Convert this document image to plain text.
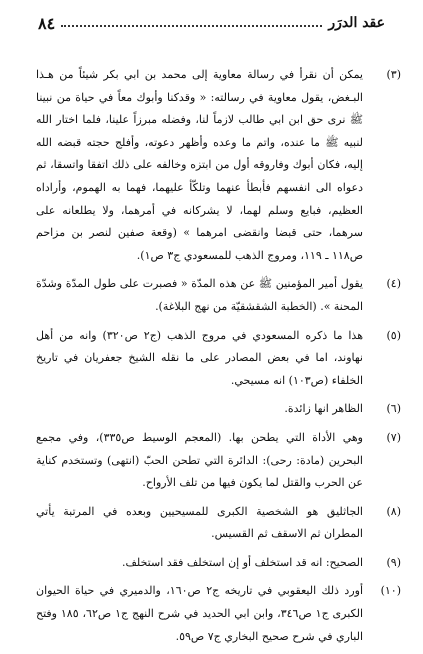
عقد الدرَر
٨٤
(٣)
يمكن أن نقرأ في رسالة معاوية إلى محمد بن ابي بكر شيئاً من هـذا البـغض، يقول معاوية في رسالته: « وقدكنا وأبوك معاً في حياة من نبينا ﷺ نرى حق ابن ابي طالب لازماً لنا، وفضله مبرزاً علينا، فلما اختار الله لنبيه ﷺ ما عنده، واتم ما وعده وأظهر دعوته، وأفلج حجته قبضه الله إليه، فكان أبوك وفاروقه أول من ابتزه وخالفه على ذلك اتفقا واتسقا، ثم دعواه الى انفسهم فأبطأ عنهما وتلكّأ عليهما، فهما به الهموم، وأراداه العظيم، فبايع وسلم لهما، لا يشركانه في أمرهما، ولا يطلعانه على سرهما، حتى قبضا وانقضى امرهما » (وقعة صفين لنصر بن مزاحم ص١١٨ ـ ١١٩، ومروج الذهب للمسعودي ج٣ ص١).
(٤)
يقول أمير المؤمنين ﷺ عن هذه المدّة « فصبرت على طول المدّة وشدّة المحنة ». (الخطبة الشقشقيّة من نهج البلاغة).
(٥)
هذا ما ذكره المسعودي في مروج الذهب (ج٢ ص٣٢٠) وانه من أهل نهاوند، اما في بعض المصادر على ما نقله الشيخ جعفريان في تاريخ الخلفاء (ص١٠٣) انه مسيحي.
(٦)
الظاهر انها زائدة.
(٧)
وهي الأداة التي يطحن بها. (المعجم الوسيط ص٣٣٥)، وفي مجمع البحرين (مادة: رحى): الدائرة التي تطحن الحبّ (انتهى) وتستخدم كناية عن الحرب والقتل لما يكون فيها من تلف الأرواح.
(٨)
الجاثليق هو الشخصية الكبرى للمسيحيين وبعده في المرتبة يأتي المطران ثم الاسقف ثم القسيس.
(٩)
الصحيح: انه قد استخلف أو إن استخلف فقد استخلف.
(١٠)
أورد ذلك اليعقوبي في تاريخه ج٢ ص١٦٠، والدميري في حياة الحيوان الكبرى ج١ ص٣٤٦، وابن ابي الحديد في شرح النهج ج١ ص٦٢، ١٨٥ وفتح الباري في شرح صحيح البخاري ج٧ ص٥٩.
